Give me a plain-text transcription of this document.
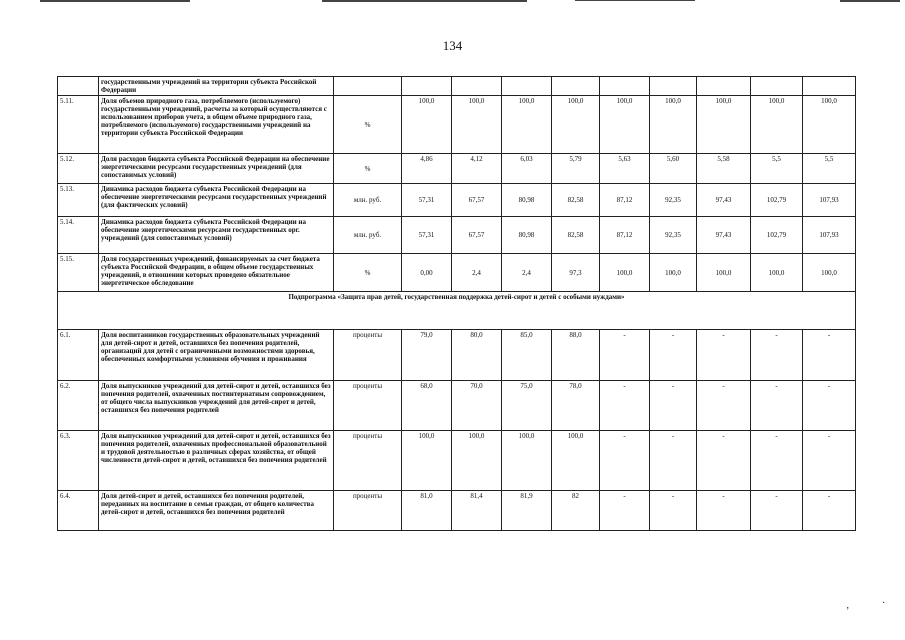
134
	государственными учреждений на территории субъекта Российской Федерации										
5.11.	Доля объемов природного газа, потребляемого (используемого) государственными учреждений, расчеты за который осуществляются с использованием приборов учета, в общем объеме природного газа, потребляемого (используемого) государственными учреждений на территории субъекта Российской Федерации	%	100,0	100,0	100,0	100,0	100,0	100,0	100,0	100,0	100,0
5.12.	Доля расходов бюджета субъекта Российской Федерации на обеспечение энергетическими ресурсами государственных учреждений (для сопоставимых условий)	%	4,86	4,12	6,03	5,79	5,63	5,60	5,58	5,5	5,5
5.13.	Динамика расходов бюджета субъекта Российской Федерации на обеспечение энергетическими ресурсами государственных учреждений (для фактических условий)	млн. руб.	57,31	67,57	80,98	82,58	87,12	92,35	97,43	102,79	107,93
5.14.	Динамика расходов бюджета субъекта Российской Федерации на обеспечение энергетическими ресурсами государственных орг. учреждений (для сопоставимых условий)	млн. руб.	57,31	67,57	80,98	82,58	87,12	92,35	97,43	102,79	107,93
5.15.	Доля государственных учреждений, финансируемых за счет бюджета субъекта Российской Федерации, в общем объеме государственных учреждений, в отношении которых проведено обязательное энергетическое обследование	%	0,00	2,4	2,4	97,3	100,0	100,0	100,0	100,0	100,0
Подпрограмма «Защита прав детей, государственная поддержка детей-сирот и детей с особыми нуждами»											
6.1.	Доля воспитанников государственных образовательных учреждений для детей-сирот и детей, оставшихся без попечения родителей, организаций для детей с ограниченными возможностями здоровья, обеспеченных комфортными условиями обучения и проживания	проценты	79,0	80,0	85,0	88,0	-	-	-	-	-
6.2.	Доля выпускников учреждений для детей-сирот и детей, оставшихся без попечения родителей, охваченных постинтернатным сопровождением, от общего числа выпускников учреждений для детей-сирот и детей, оставшихся без попечения родителей	проценты	68,0	70,0	75,0	78,0	-	-	-	-	-
6.3.	Доля выпускников учреждений для детей-сирот и детей, оставшихся без попечения родителей, охваченных профессиональной образовательной и трудовой деятельностью в различных сферах хозяйства, от общей численности детей-сирот и детей, оставшихся без попечения родителей	проценты	100,0	100,0	100,0	100,0	-	-	-	-	-
6.4.	Доля детей-сирот и детей, оставшихся без попечения родителей, переданных на воспитание в семьи граждан, от общего количества детей-сирот и детей, оставшихся без попечения родителей	проценты	81,0	81,4	81,9	82	-	-	-	-	-
‚	·
